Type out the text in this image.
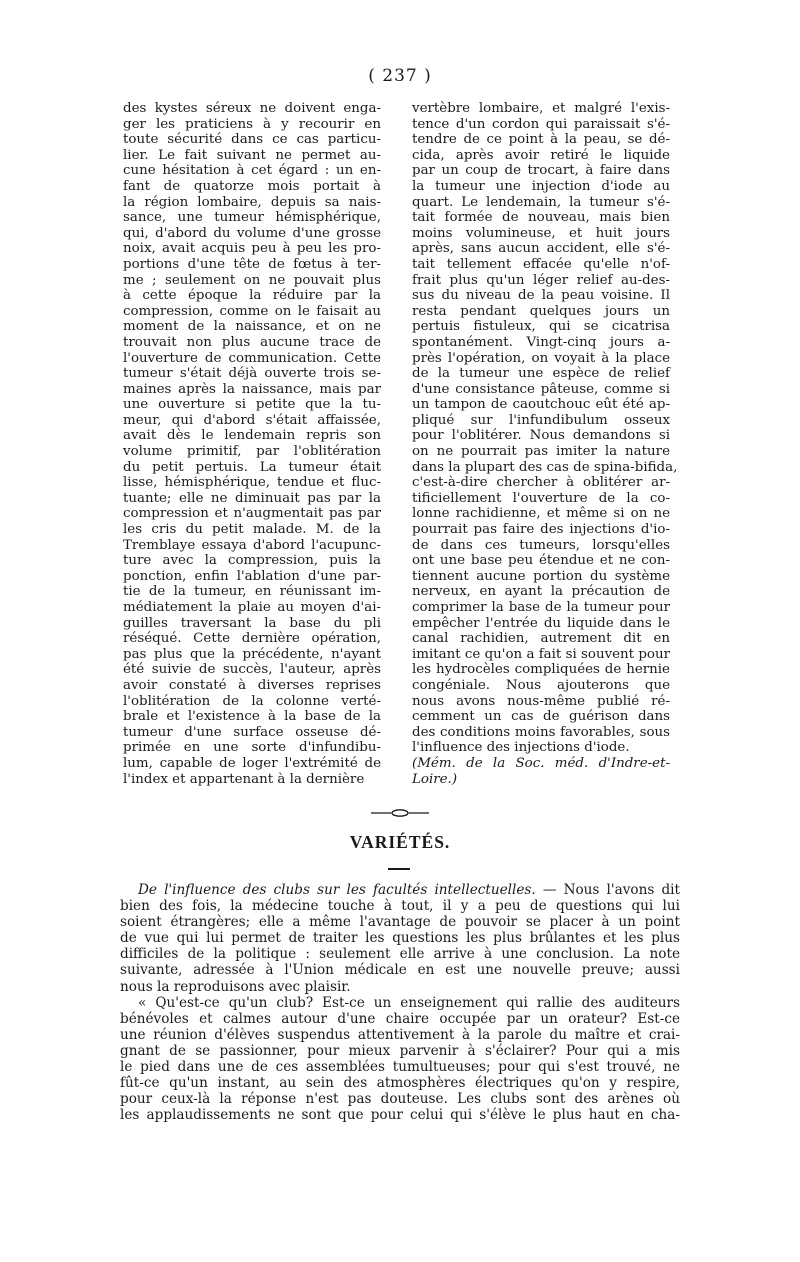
( 237 )
des kystes séreux ne doivent enga-
ger les praticiens à y recourir en
toute sécurité dans ce cas particu-
lier. Le fait suivant ne permet au-
cune hésitation à cet égard : un en-
fant de quatorze mois portait à
la région lombaire, depuis sa nais-
sance, une tumeur hémisphérique,
qui, d'abord du volume d'une grosse
noix, avait acquis peu à peu les pro-
portions d'une tête de fœtus à ter-
me ; seulement on ne pouvait plus
à cette époque la réduire par la
compression, comme on le faisait au
moment de la naissance, et on ne
trouvait non plus aucune trace de
l'ouverture de communication. Cette
tumeur s'était déjà ouverte trois se-
maines après la naissance, mais par
une ouverture si petite que la tu-
meur, qui d'abord s'était affaissée,
avait dès le lendemain repris son
volume primitif, par l'oblitération
du petit pertuis. La tumeur était
lisse, hémisphérique, tendue et fluc-
tuante; elle ne diminuait pas par la
compression et n'augmentait pas par
les cris du petit malade. M. de la
Tremblaye essaya d'abord l'acupunc-
ture avec la compression, puis la
ponction, enfin l'ablation d'une par-
tie de la tumeur, en réunissant im-
médiatement la plaie au moyen d'ai-
guilles traversant la base du pli
réséqué. Cette dernière opération,
pas plus que la précédente, n'ayant
été suivie de succès, l'auteur, après
avoir constaté à diverses reprises
l'oblitération de la colonne verté-
brale et l'existence à la base de la
tumeur d'une surface osseuse dé-
primée en une sorte d'infundibu-
lum, capable de loger l'extrémité de
l'index et appartenant à la dernière
vertèbre lombaire, et malgré l'exis-
tence d'un cordon qui paraissait s'é-
tendre de ce point à la peau, se dé-
cida, après avoir retiré le liquide
par un coup de trocart, à faire dans
la tumeur une injection d'iode au
quart. Le lendemain, la tumeur s'é-
tait formée de nouveau, mais bien
moins volumineuse, et huit jours
après, sans aucun accident, elle s'é-
tait tellement effacée qu'elle n'of-
frait plus qu'un léger relief au-des-
sus du niveau de la peau voisine. Il
resta pendant quelques jours un
pertuis fistuleux, qui se cicatrisa
spontanément. Vingt-cinq jours a-
près l'opération, on voyait à la place
de la tumeur une espèce de relief
d'une consistance pâteuse, comme si
un tampon de caoutchouc eût été ap-
pliqué sur l'infundibulum osseux
pour l'oblitérer. Nous demandons si
on ne pourrait pas imiter la nature
dans la plupart des cas de spina-bifida,
c'est-à-dire chercher à oblitérer ar-
tificiellement l'ouverture de la co-
lonne rachidienne, et même si on ne
pourrait pas faire des injections d'io-
de dans ces tumeurs, lorsqu'elles
ont une base peu étendue et ne con-
tiennent aucune portion du système
nerveux, en ayant la précaution de
comprimer la base de la tumeur pour
empêcher l'entrée du liquide dans le
canal rachidien, autrement dit en
imitant ce qu'on a fait si souvent pour
les hydrocèles compliquées de hernie
congéniale. Nous ajouterons que
nous avons nous-même publié ré-
cemment un cas de guérison dans
des conditions moins favorables, sous
l'influence des injections d'iode.
(Mém. de la Soc. méd. d'Indre-et-
Loire.)
VARIÉTÉS.
De l'influence des clubs sur les facultés intellectuelles. — Nous l'avons dit
bien des fois, la médecine touche à tout, il y a peu de questions qui lui
soient étrangères; elle a même l'avantage de pouvoir se placer à un point
de vue qui lui permet de traiter les questions les plus brûlantes et les plus
difficiles de la politique : seulement elle arrive à une conclusion. La note
suivante, adressée à l'Union médicale en est une nouvelle preuve; aussi
nous la reproduisons avec plaisir.
« Qu'est-ce qu'un club? Est-ce un enseignement qui rallie des auditeurs
bénévoles et calmes autour d'une chaire occupée par un orateur? Est-ce
une réunion d'élèves suspendus attentivement à la parole du maître et crai-
gnant de se passionner, pour mieux parvenir à s'éclairer? Pour qui a mis
le pied dans une de ces assemblées tumultueuses; pour qui s'est trouvé, ne
fût-ce qu'un instant, au sein des atmosphères électriques qu'on y respire,
pour ceux-là la réponse n'est pas douteuse. Les clubs sont des arènes où
les applaudissements ne sont que pour celui qui s'élève le plus haut en cha-
